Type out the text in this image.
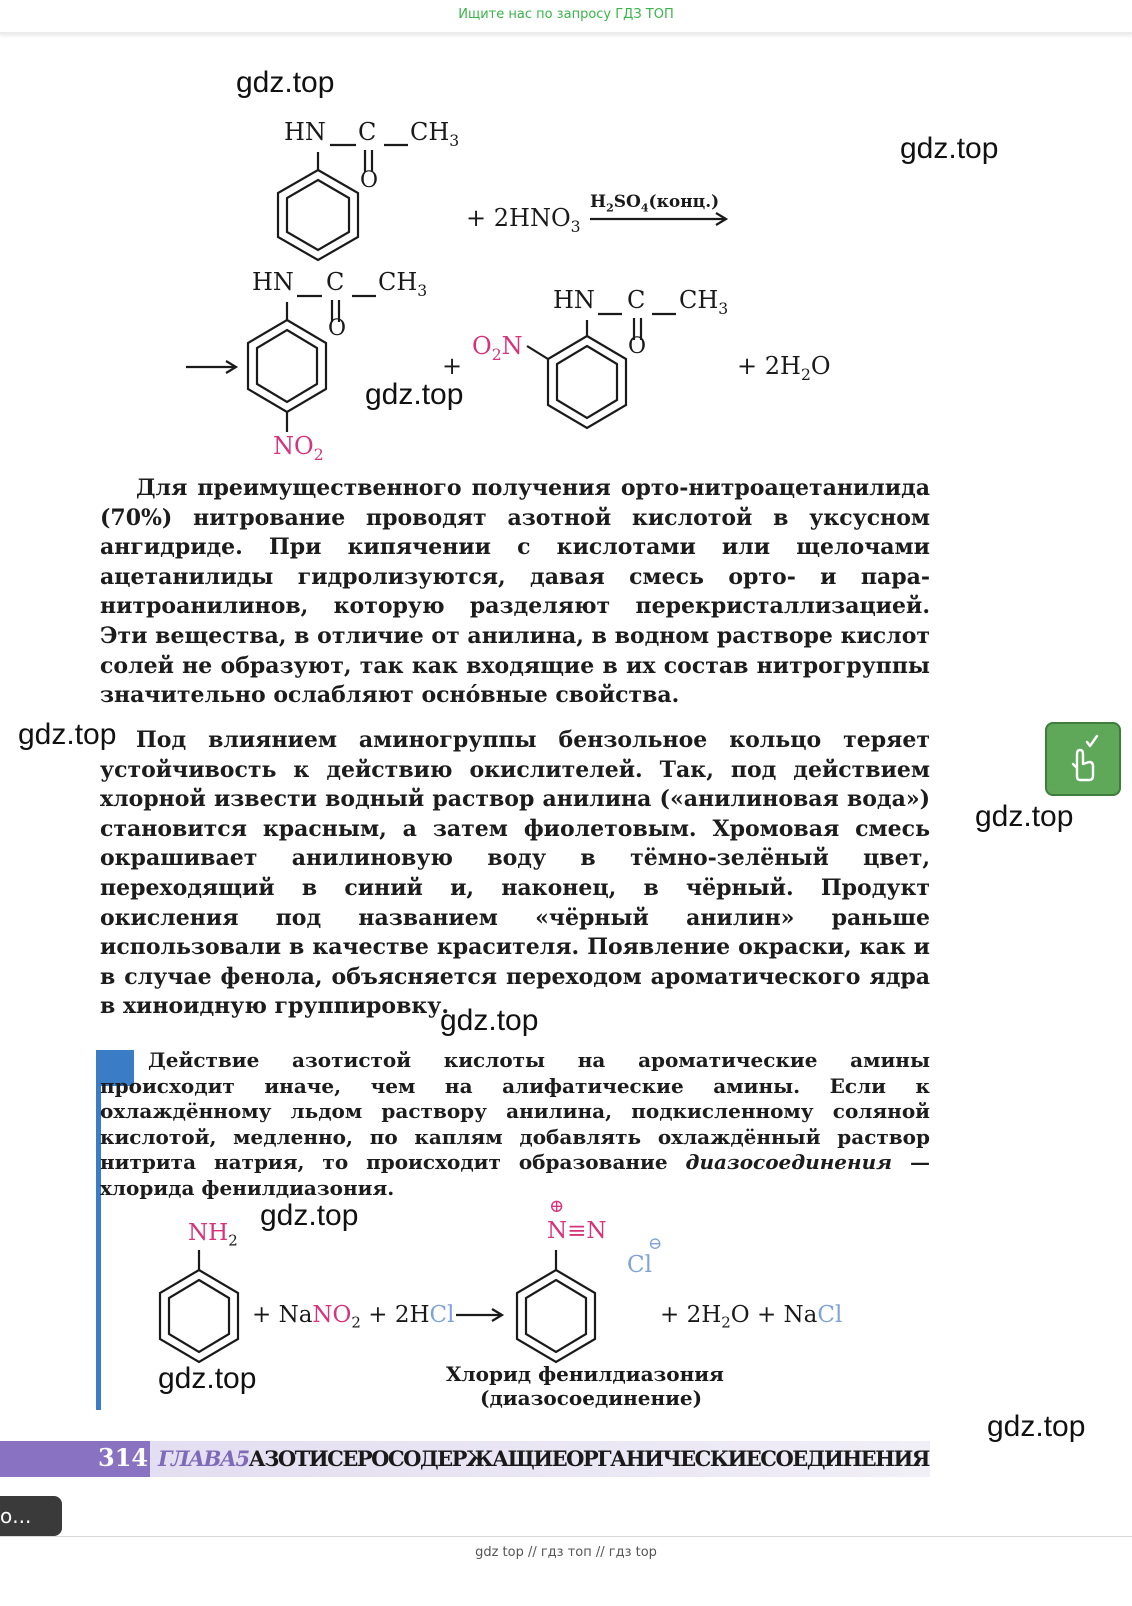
Ищите нас по запросу ГДЗ ТОП
gdz.top
gdz.top
gdz.top
gdz.top
gdz.top
gdz.top
gdz.top
gdz.top
gdz.top
HN C $CH_3$
O
+ $2HNO_3$
$H_2SO_4(конц.)$
HN C $CH_3$
O
$NO_2$
+
HN C $CH_3$
O
$O_2N$
+ $2H_2O$

Для преимущественного получения орто-нитроацетанилида (70%) нитрование проводят азотной кислотой в уксусном ангидриде. При кипячении с кислотами или щелочами ацетанилиды гидролизуются, давая смесь орто- и пара-нитроанилинов, которую разделяют перекристаллизацией. Эти вещества, в отличие от анилина, в водном растворе кислот солей не образуют, так как входящие в их состав нитрогруппы значительно ослабляют оснóвные свойства.

Под влиянием аминогруппы бензольное кольцо теряет устойчивость к действию окислителей. Так, под действием хлорной извести водный раствор анилина («анилиновая вода») становится красным, а затем фиолетовым. Хромовая смесь окрашивает анилиновую воду в тёмно-зелёный цвет, переходящий в синий и, наконец, в чёрный. Продукт окисления под названием «чёрный анилин» раньше использовали в качестве красителя. Появление окраски, как и в случае фенола, объясняется переходом ароматического ядра в хиноидную группировку.

Действие азотистой кислоты на ароматические амины происходит иначе, чем на алифатические амины. Если к охлаждённому льдом раствору анилина, подкисленному соляной кислотой, медленно, по каплям добавлять охлаждённый раствор нитрита натрия, то происходит образование диазосоединения — хлорида фенилдиазония.

$NH_2$
+ NaNO$_2$ + 2HCl
⊕
N≡N
Cl
⊖
+ $2H_2O$ + NaCl
Хлорид фенилдиазония
(диазосоединение)
314 ГЛАВА5АЗОТИСЕРОСОДЕРЖАЩИЕОРГАНИЧЕСКИЕСОЕДИНЕНИЯ
о...
gdz top // гдз топ // гдз top
